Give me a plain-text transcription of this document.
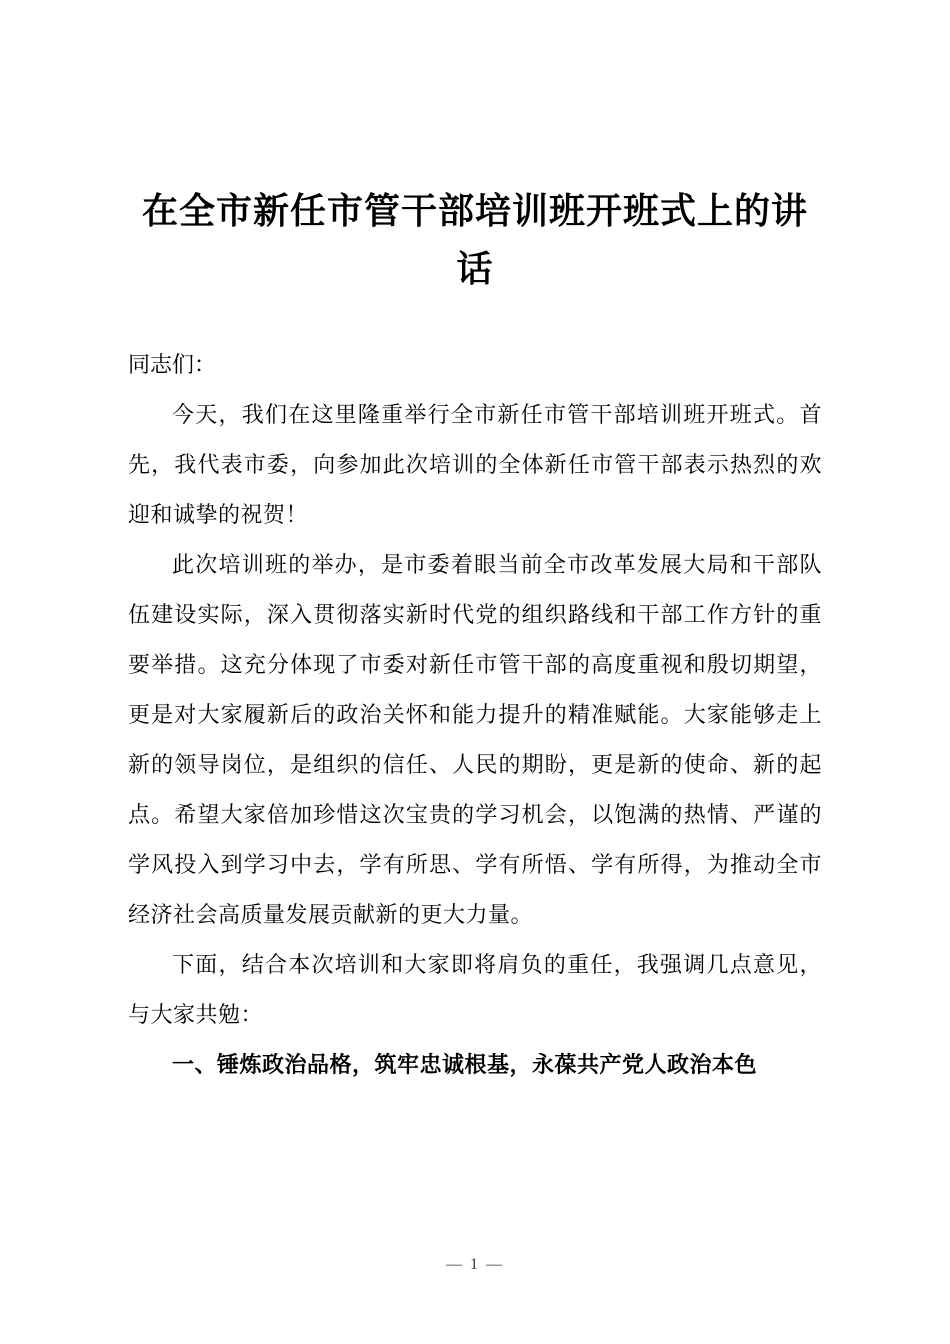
在全市新任市管干部培训班开班式上的讲话

同志们：

今天，我们在这里隆重举行全市新任市管干部培训班开班式。首先，我代表市委，向参加此次培训的全体新任市管干部表示热烈的欢迎和诚挚的祝贺！

此次培训班的举办，是市委着眼当前全市改革发展大局和干部队伍建设实际，深入贯彻落实新时代党的组织路线和干部工作方针的重要举措。这充分体现了市委对新任市管干部的高度重视和殷切期望，更是对大家履新后的政治关怀和能力提升的精准赋能。大家能够走上新的领导岗位，是组织的信任、人民的期盼，更是新的使命、新的起点。希望大家倍加珍惜这次宝贵的学习机会，以饱满的热情、严谨的学风投入到学习中去，学有所思、学有所悟、学有所得，为推动全市经济社会高质量发展贡献新的更大力量。

下面，结合本次培训和大家即将肩负的重任，我强调几点意见，与大家共勉：

一、锤炼政治品格，筑牢忠诚根基，永葆共产党人政治本色

— 1 —
